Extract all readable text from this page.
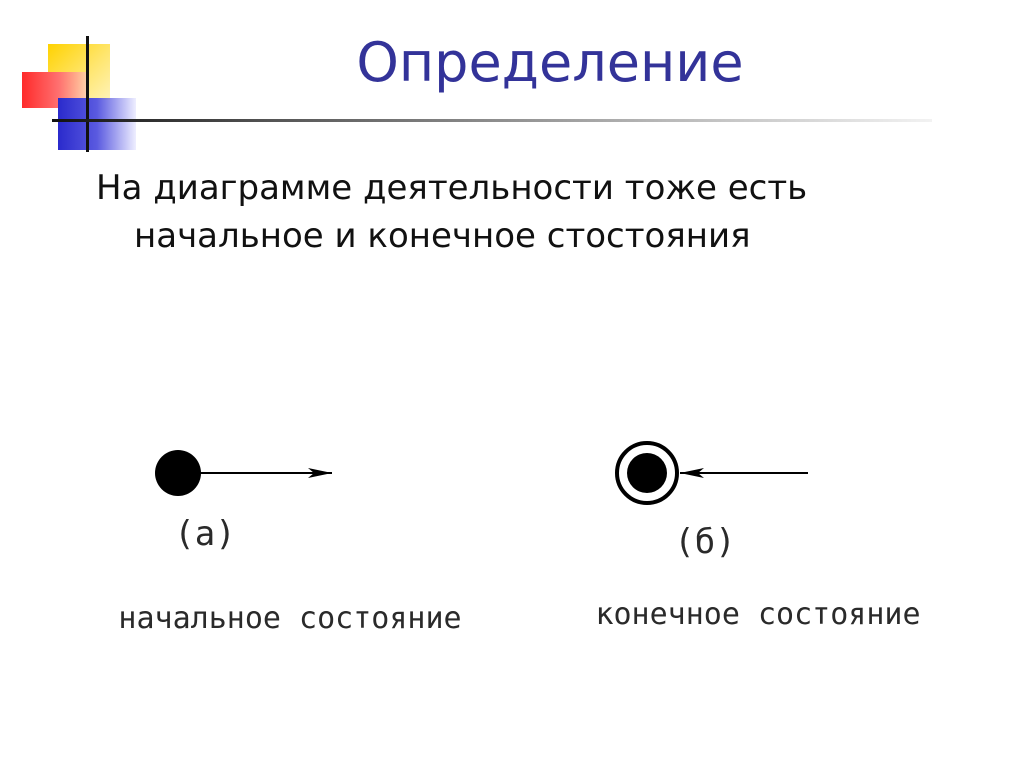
Определение
На диаграмме деятельности тоже есть
начальное и конечное стостояния
(а)
начальное состояние
(б)
конечное состояние
